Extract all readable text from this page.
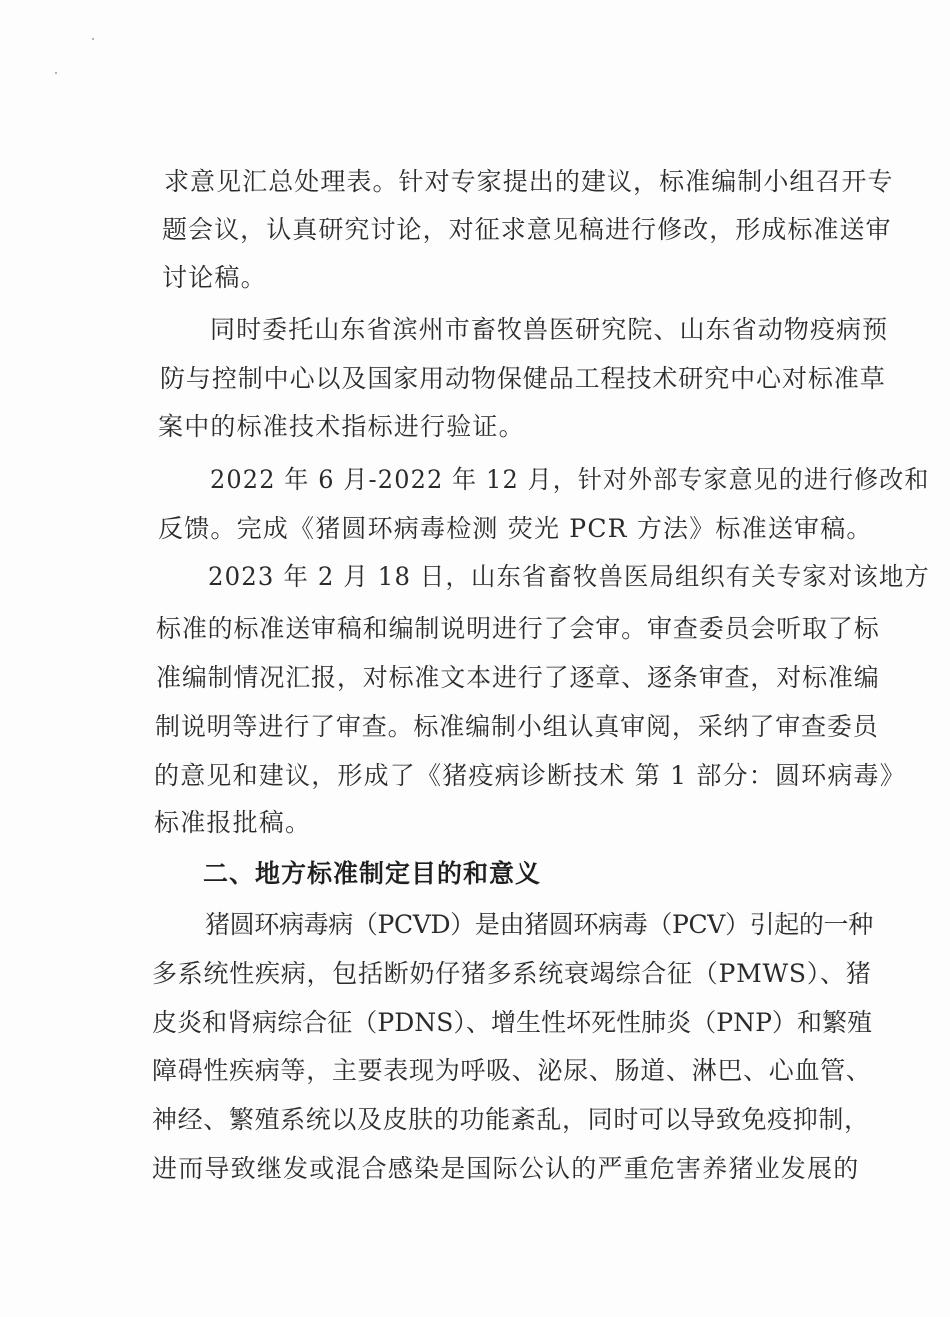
求意见汇总处理表。针对专家提出的建议，标准编制小组召开专
题会议，认真研究讨论，对征求意见稿进行修改，形成标准送审
讨论稿。
同时委托山东省滨州市畜牧兽医研究院、山东省动物疫病预
防与控制中心以及国家用动物保健品工程技术研究中心对标准草
案中的标准技术指标进行验证。
2022 年 6 月-2022 年 12 月，针对外部专家意见的进行修改和
反馈。完成《猪圆环病毒检测 荧光 PCR 方法》标准送审稿。
2023 年 2 月 18 日，山东省畜牧兽医局组织有关专家对该地方
标准的标准送审稿和编制说明进行了会审。审查委员会听取了标
准编制情况汇报，对标准文本进行了逐章、逐条审查，对标准编
制说明等进行了审查。标准编制小组认真审阅，采纳了审查委员
的意见和建议，形成了《猪疫病诊断技术 第 1 部分：圆环病毒》
标准报批稿。
二、地方标准制定目的和意义
猪圆环病毒病（PCVD）是由猪圆环病毒（PCV）引起的一种
多系统性疾病，包括断奶仔猪多系统衰竭综合征（PMWS）、猪
皮炎和肾病综合征（PDNS）、增生性坏死性肺炎（PNP）和繁殖
障碍性疾病等，主要表现为呼吸、泌尿、肠道、淋巴、心血管、
神经、繁殖系统以及皮肤的功能紊乱，同时可以导致免疫抑制，
进而导致继发或混合感染是国际公认的严重危害养猪业发展的
